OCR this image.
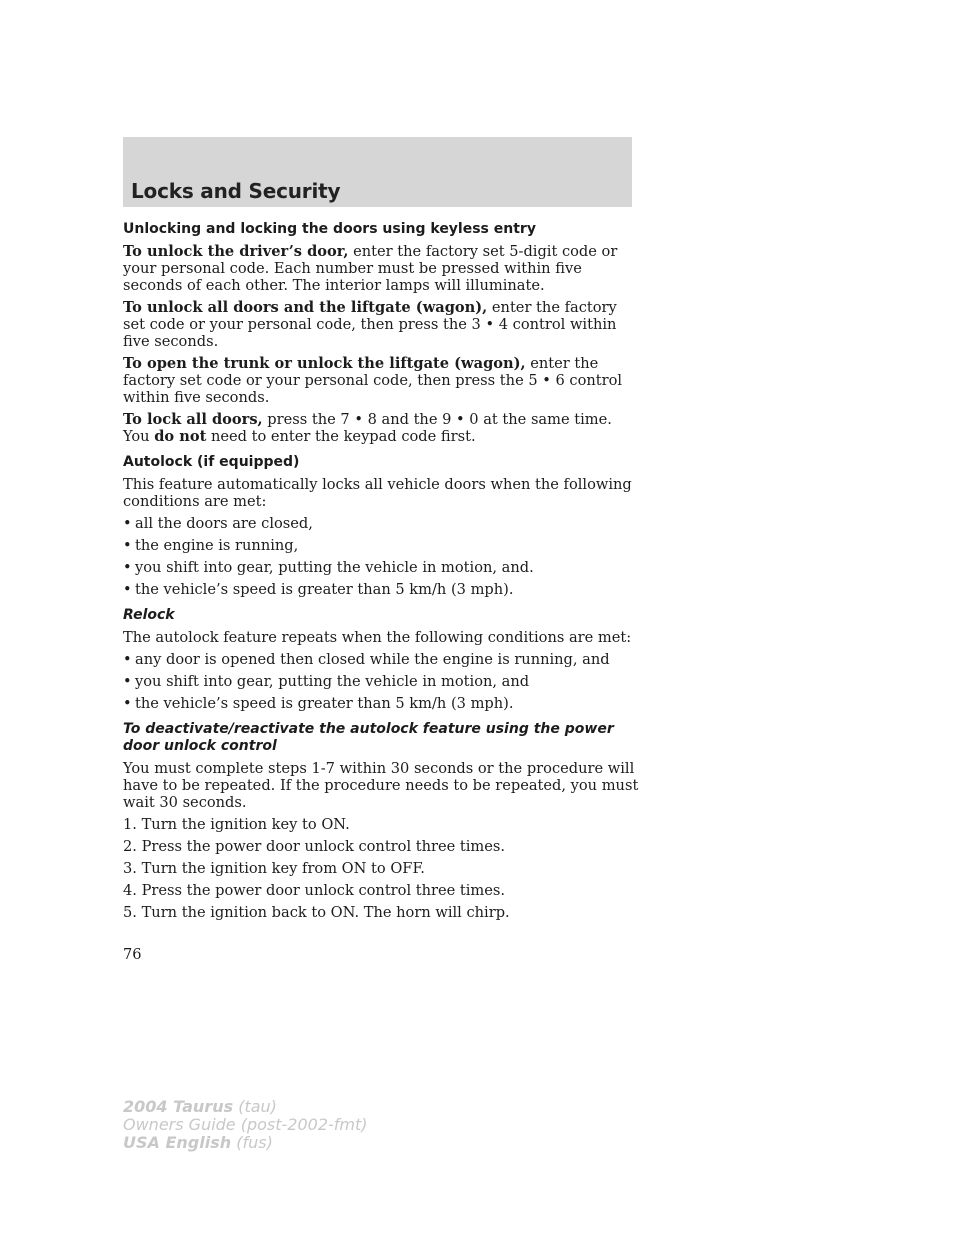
Locks and Security

Unlocking and locking the doors using keyless entry

To unlock the driver’s door, enter the factory set 5-digit code or your personal code. Each number must be pressed within five seconds of each other. The interior lamps will illuminate.

To unlock all doors and the liftgate (wagon), enter the factory set code or your personal code, then press the 3 • 4 control within five seconds.

To open the trunk or unlock the liftgate (wagon), enter the factory set code or your personal code, then press the 5 • 6 control within five seconds.

To lock all doors, press the 7 • 8 and the 9 • 0 at the same time. You do not need to enter the keypad code first.

Autolock (if equipped)

This feature automatically locks all vehicle doors when the following conditions are met:

• all the doors are closed,
• the engine is running,
• you shift into gear, putting the vehicle in motion, and.
• the vehicle’s speed is greater than 5 km/h (3 mph).

Relock

The autolock feature repeats when the following conditions are met:

• any door is opened then closed while the engine is running, and
• you shift into gear, putting the vehicle in motion, and
• the vehicle’s speed is greater than 5 km/h (3 mph).

To deactivate/reactivate the autolock feature using the power door unlock control

You must complete steps 1-7 within 30 seconds or the procedure will have to be repeated. If the procedure needs to be repeated, you must wait 30 seconds.

1. Turn the ignition key to ON.

2. Press the power door unlock control three times.

3. Turn the ignition key from ON to OFF.

4. Press the power door unlock control three times.

5. Turn the ignition back to ON. The horn will chirp.

76
2004 Taurus (tau)
Owners Guide (post-2002-fmt)
USA English (fus)
